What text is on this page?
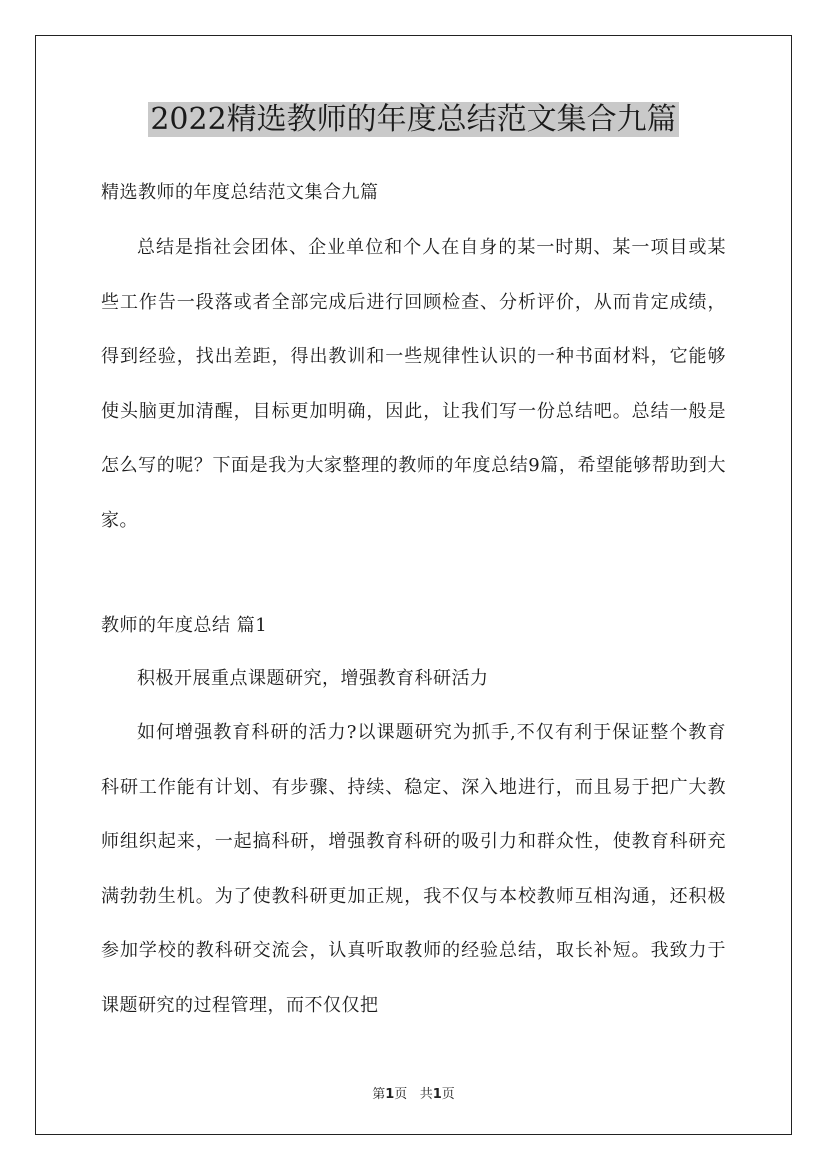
2022精选教师的年度总结范文集合九篇
精选教师的年度总结范文集合九篇
总结是指社会团体、企业单位和个人在自身的某一时期、某一项目或某些工作告一段落或者全部完成后进行回顾检查、分析评价，从而肯定成绩，得到经验，找出差距，得出教训和一些规律性认识的一种书面材料，它能够使头脑更加清醒，目标更加明确，因此，让我们写一份总结吧。总结一般是怎么写的呢？下面是我为大家整理的教师的年度总结9篇，希望能够帮助到大家。
教师的年度总结 篇1
积极开展重点课题研究，增强教育科研活力
如何增强教育科研的活力?以课题研究为抓手,不仅有利于保证整个教育科研工作能有计划、有步骤、持续、稳定、深入地进行，而且易于把广大教师组织起来，一起搞科研，增强教育科研的吸引力和群众性，使教育科研充满勃勃生机。为了使教科研更加正规，我不仅与本校教师互相沟通，还积极参加学校的教科研交流会，认真听取教师的经验总结，取长补短。我致力于课题研究的过程管理，而不仅仅把
第1页 共1页
